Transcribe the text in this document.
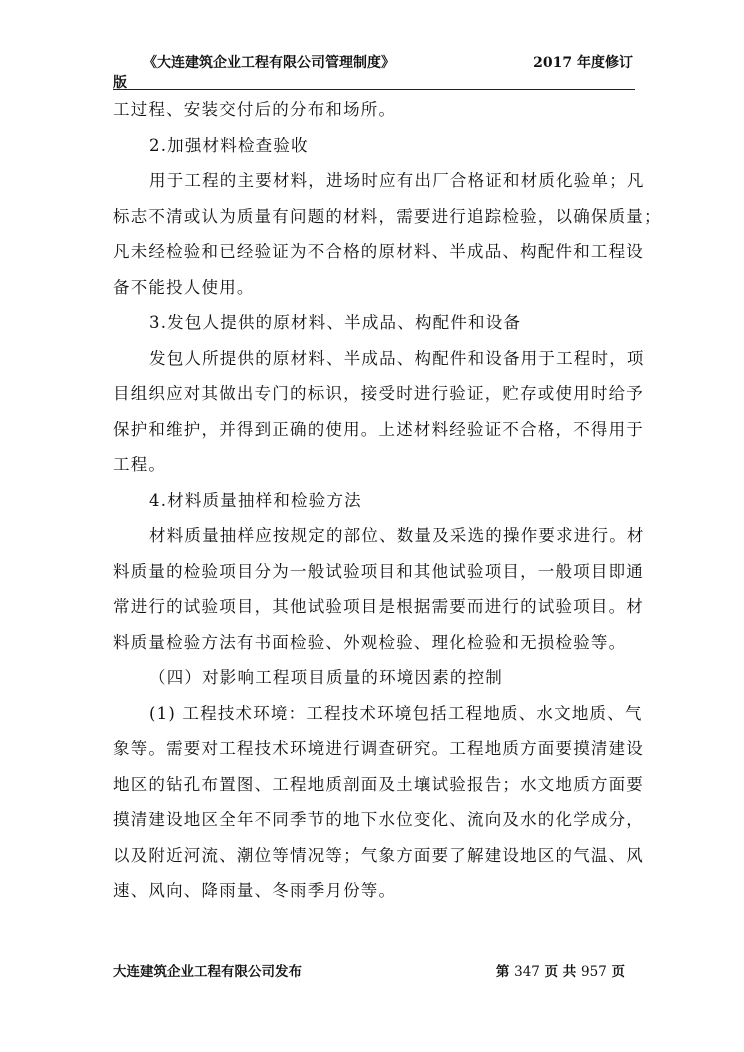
《大连建筑企业工程有限公司管理制度》	2017 年度修订
版
工过程、安装交付后的分布和场所。
2.加强材料检查验收
用于工程的主要材料，进场时应有出厂合格证和材质化验单；凡
标志不清或认为质量有问题的材料，需要进行追踪检验，以确保质量；
凡未经检验和已经验证为不合格的原材料、半成品、构配件和工程设
备不能投人使用。
3.发包人提供的原材料、半成品、构配件和设备
发包人所提供的原材料、半成品、构配件和设备用于工程时，项
目组织应对其做出专门的标识，接受时进行验证，贮存或使用时给予
保护和维护，并得到正确的使用。上述材料经验证不合格，不得用于
工程。
4.材料质量抽样和检验方法
材料质量抽样应按规定的部位、数量及采选的操作要求进行。材
料质量的检验项目分为一般试验项目和其他试验项目，一般项目即通
常进行的试验项目，其他试验项目是根据需要而进行的试验项目。材
料质量检验方法有书面检验、外观检验、理化检验和无损检验等。
（四）对影响工程项目质量的环境因素的控制
(1) 工程技术环境：工程技术环境包括工程地质、水文地质、气
象等。需要对工程技术环境进行调查研究。工程地质方面要摸清建设
地区的钻孔布置图、工程地质剖面及土壤试验报告；水文地质方面要
摸清建设地区全年不同季节的地下水位变化、流向及水的化学成分，
以及附近河流、潮位等情况等；气象方面要了解建设地区的气温、风
速、风向、降雨量、冬雨季月份等。
大连建筑企业工程有限公司发布	第 347 页 共 957 页
